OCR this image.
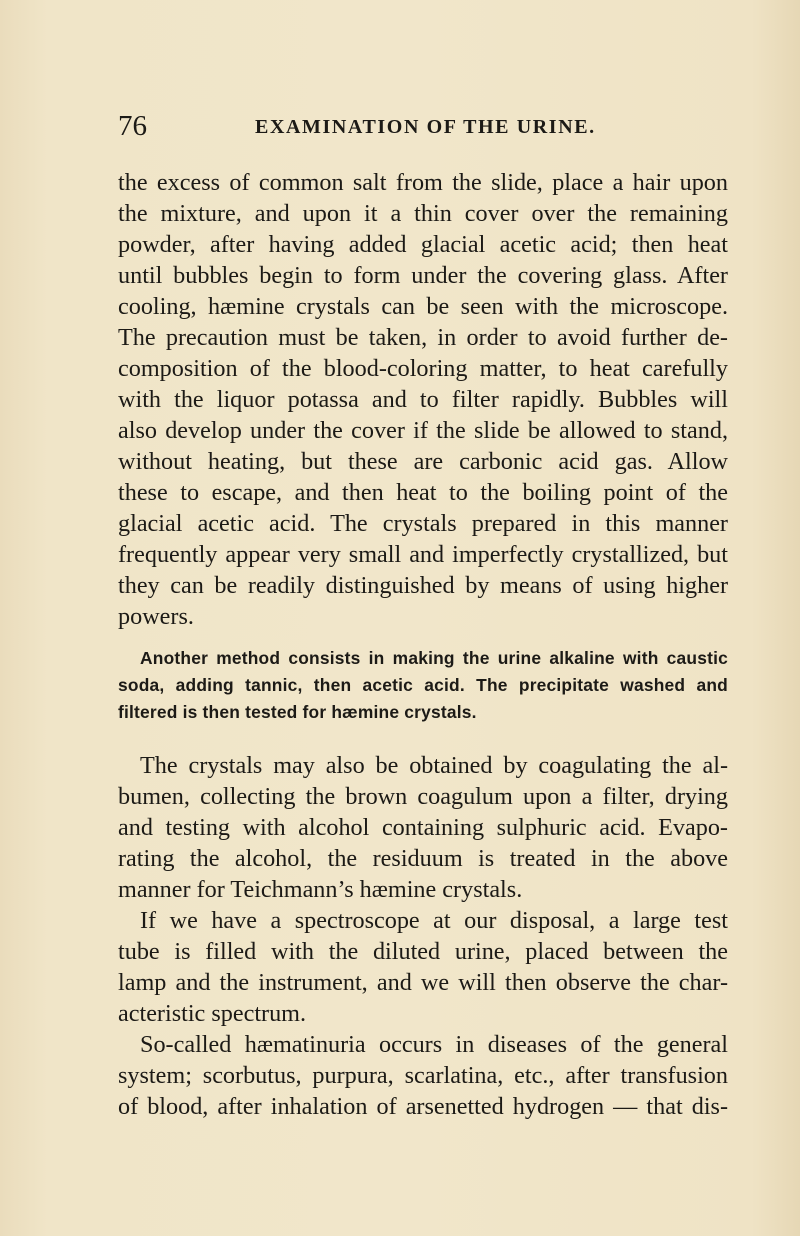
76	EXAMINATION OF THE URINE.
the excess of common salt from the slide, place a hair upon
the mixture, and upon it a thin cover over the remaining
powder, after having added glacial acetic acid; then heat
until bubbles begin to form under the covering glass. After
cooling, hæmine crystals can be seen with the microscope.
The precaution must be taken, in order to avoid further de-
composition of the blood-coloring matter, to heat carefully
with the liquor potassa and to filter rapidly. Bubbles will
also develop under the cover if the slide be allowed to stand,
without heating, but these are carbonic acid gas. Allow
these to escape, and then heat to the boiling point of the
glacial acetic acid. The crystals prepared in this manner
frequently appear very small and imperfectly crystallized, but
they can be readily distinguished by means of using higher
powers.
Another method consists in making the urine alkaline with caustic
soda, adding tannic, then acetic acid. The precipitate washed and
filtered is then tested for hæmine crystals.
The crystals may also be obtained by coagulating the al-
bumen, collecting the brown coagulum upon a filter, drying
and testing with alcohol containing sulphuric acid. Evapo-
rating the alcohol, the residuum is treated in the above
manner for Teichmann’s hæmine crystals.
If we have a spectroscope at our disposal, a large test
tube is filled with the diluted urine, placed between the
lamp and the instrument, and we will then observe the char-
acteristic spectrum.
So-called hæmatinuria occurs in diseases of the general
system; scorbutus, purpura, scarlatina, etc., after transfusion
of blood, after inhalation of arsenetted hydrogen — that dis-
